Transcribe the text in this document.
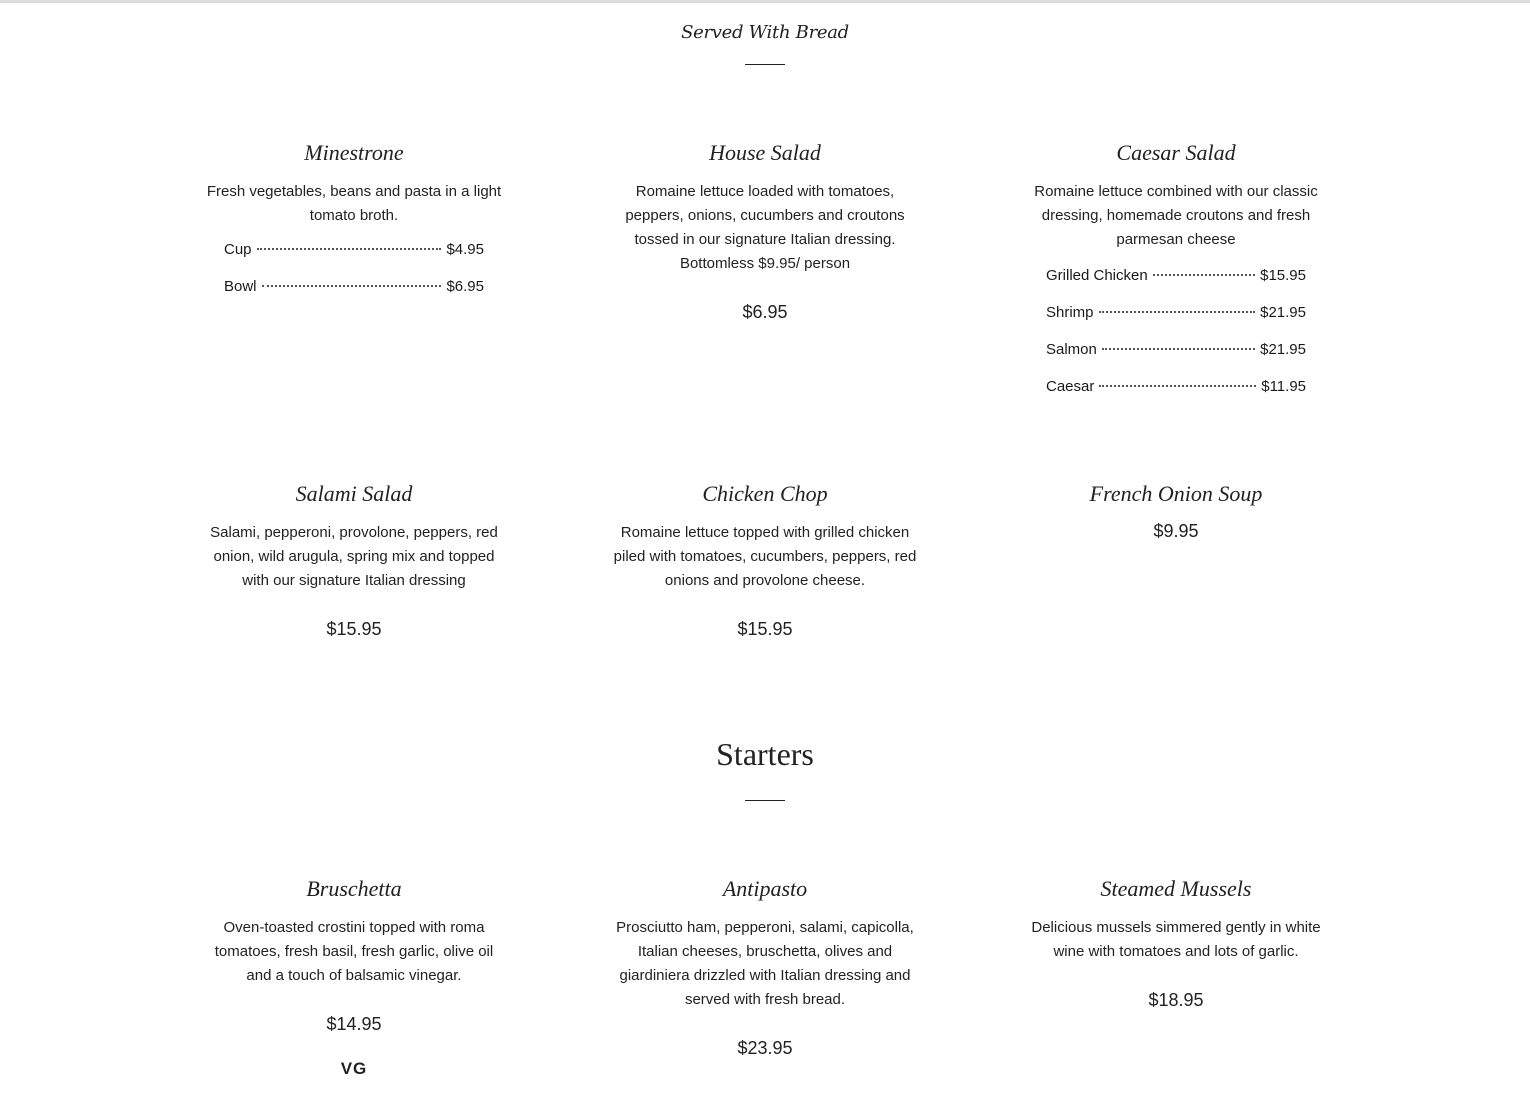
Served With Bread
Minestrone
Fresh vegetables, beans and pasta in a light tomato broth.
Cup	$4.95
Bowl	$6.95
House Salad
Romaine lettuce loaded with tomatoes, peppers, onions, cucumbers and croutons tossed in our signature Italian dressing. Bottomless $9.95/ person
$6.95
Caesar Salad
Romaine lettuce combined with our classic dressing, homemade croutons and fresh parmesan cheese
Grilled Chicken	$15.95
Shrimp	$21.95
Salmon	$21.95
Caesar	$11.95
Salami Salad
Salami, pepperoni, provolone, peppers, red onion, wild arugula, spring mix and topped with our signature Italian dressing
$15.95
Chicken Chop
Romaine lettuce topped with grilled chicken piled with tomatoes, cucumbers, peppers, red onions and provolone cheese.
$15.95
French Onion Soup
$9.95
Starters
Bruschetta
Oven-toasted crostini topped with roma tomatoes, fresh basil, fresh garlic, olive oil and a touch of balsamic vinegar.
$14.95
VG
Antipasto
Prosciutto ham, pepperoni, salami, capicolla, Italian cheeses, bruschetta, olives and giardiniera drizzled with Italian dressing and served with fresh bread.
$23.95
Steamed Mussels
Delicious mussels simmered gently in white wine with tomatoes and lots of garlic.
$18.95
